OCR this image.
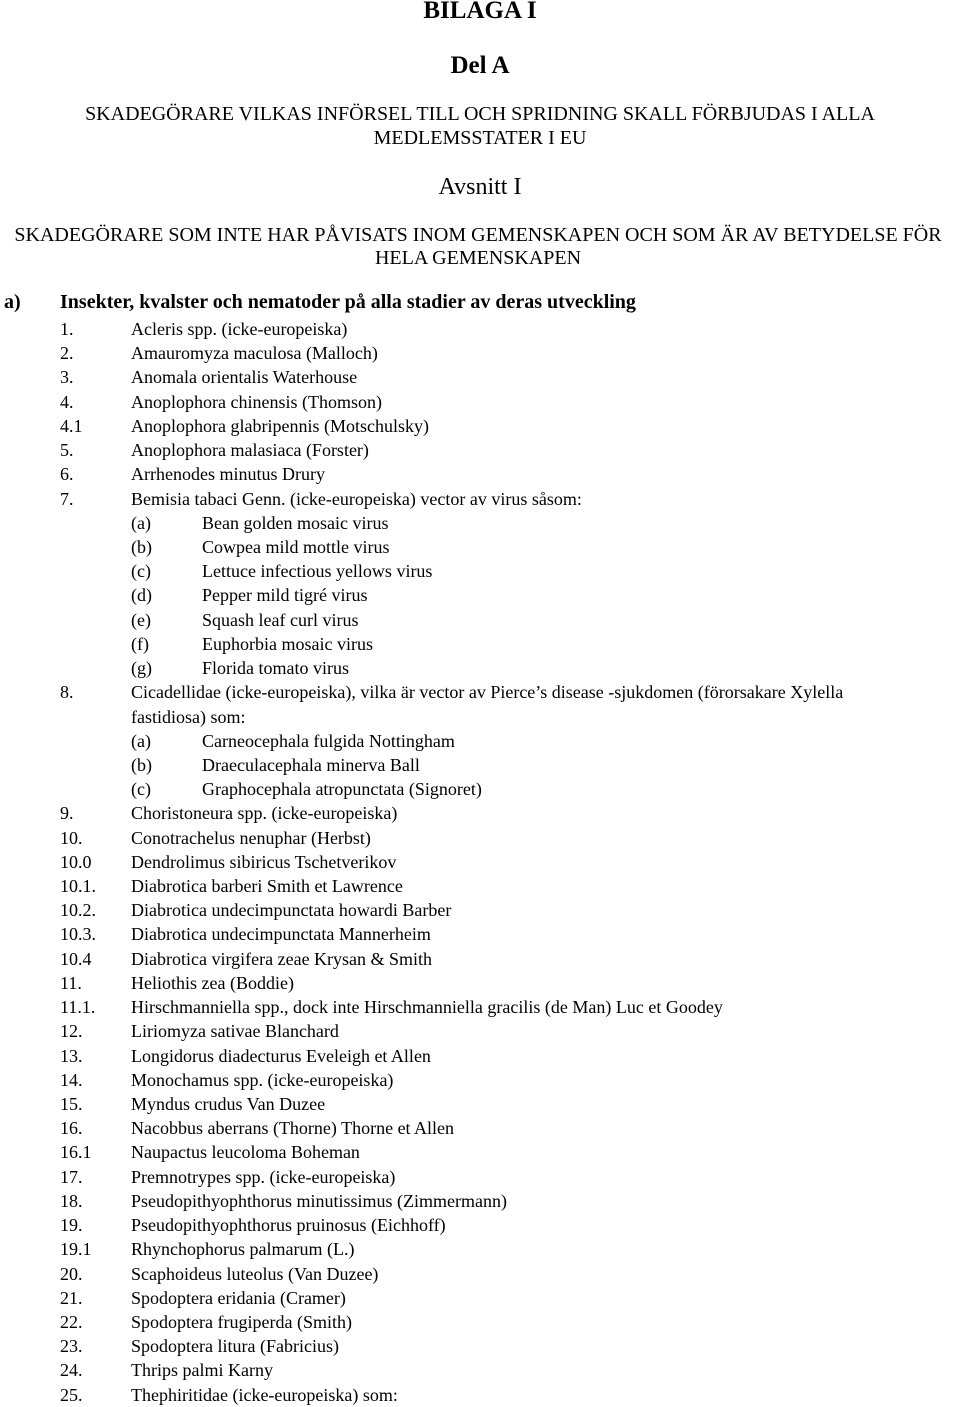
BILAGA I
Del A
SKADEGÖRARE VILKAS INFÖRSEL TILL OCH SPRIDNING SKALL FÖRBJUDAS I ALLA
MEDLEMSSTATER I EU
Avsnitt I
SKADEGÖRARE SOM INTE HAR PÅVISATS INOM GEMENSKAPEN OCH SOM ÄR AV BETYDELSE FÖR
HELA GEMENSKAPEN
a) Insekter, kvalster och nematoder på alla stadier av deras utveckling
1.	Acleris spp. (icke-europeiska)
2.	Amauromyza maculosa (Malloch)
3.	Anomala orientalis Waterhouse
4.	Anoplophora chinensis (Thomson)
4.1	Anoplophora glabripennis (Motschulsky)
5.	Anoplophora malasiaca (Forster)
6.	Arrhenodes minutus Drury
7.	Bemisia tabaci Genn. (icke-europeiska) vector av virus såsom:
(a)	Bean golden mosaic virus
(b)	Cowpea mild mottle virus
(c)	Lettuce infectious yellows virus
(d)	Pepper mild tigré virus
(e)	Squash leaf curl virus
(f)	Euphorbia mosaic virus
(g)	Florida tomato virus
8.	Cicadellidae (icke-europeiska), vilka är vector av Pierce’s disease -sjukdomen (förorsakare Xylella
fastidiosa) som:
(a)	Carneocephala fulgida Nottingham
(b)	Draeculacephala minerva Ball
(c)	Graphocephala atropunctata (Signoret)
9.	Choristoneura spp. (icke-europeiska)
10.	Conotrachelus nenuphar (Herbst)
10.0 Dendrolimus sibiricus Tschetverikov
10.1. Diabrotica barberi Smith et Lawrence
10.2. Diabrotica undecimpunctata howardi Barber
10.3. Diabrotica undecimpunctata Mannerheim
10.4 Diabrotica virgifera zeae Krysan & Smith
11.	Heliothis zea (Boddie)
11.1. Hirschmanniella spp., dock inte Hirschmanniella gracilis (de Man) Luc et Goodey
12.	Liriomyza sativae Blanchard
13.	Longidorus diadecturus Eveleigh et Allen
14.	Monochamus spp. (icke-europeiska)
15.	Myndus crudus Van Duzee
16.	Nacobbus aberrans (Thorne) Thorne et Allen
16.1 Naupactus leucoloma Boheman
17.	Premnotrypes spp. (icke-europeiska)
18.	Pseudopithyophthorus minutissimus (Zimmermann)
19.	Pseudopithyophthorus pruinosus (Eichhoff)
19.1 Rhynchophorus palmarum (L.)
20.	Scaphoideus luteolus (Van Duzee)
21.	Spodoptera eridania (Cramer)
22.	Spodoptera frugiperda (Smith)
23.	Spodoptera litura (Fabricius)
24.	Thrips palmi Karny
25.	Thephiritidae (icke-europeiska) som:
